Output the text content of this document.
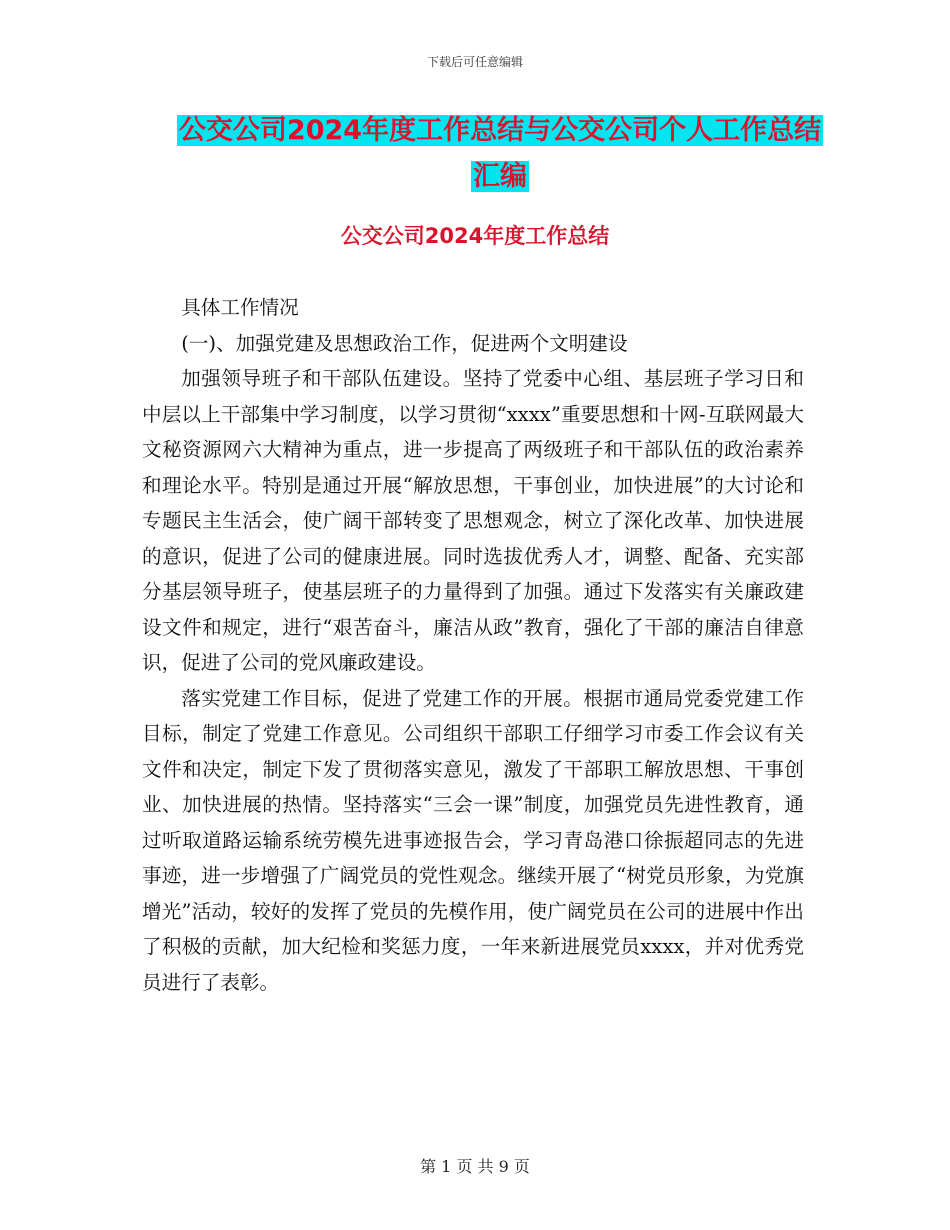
下载后可任意编辑
公交公司2024年度工作总结与公交公司个人工作总结
汇编
公交公司2024年度工作总结

具体工作情况

(一)、加强党建及思想政治工作，促进两个文明建设

加强领导班子和干部队伍建设。坚持了党委中心组、基层班子学习日和中层以上干部集中学习制度，以学习贯彻“xxxx”重要思想和十网-互联网最大文秘资源网六大精神为重点，进一步提高了两级班子和干部队伍的政治素养和理论水平。特别是通过开展“解放思想，干事创业，加快进展”的大讨论和专题民主生活会，使广阔干部转变了思想观念，树立了深化改革、加快进展的意识，促进了公司的健康进展。同时选拔优秀人才，调整、配备、充实部分基层领导班子，使基层班子的力量得到了加强。通过下发落实有关廉政建设文件和规定，进行“艰苦奋斗，廉洁从政”教育，强化了干部的廉洁自律意识，促进了公司的党风廉政建设。

落实党建工作目标，促进了党建工作的开展。根据市通局党委党建工作目标，制定了党建工作意见。公司组织干部职工仔细学习市委工作会议有关文件和决定，制定下发了贯彻落实意见，激发了干部职工解放思想、干事创业、加快进展的热情。坚持落实“三会一课”制度，加强党员先进性教育，通过听取道路运输系统劳模先进事迹报告会，学习青岛港口徐振超同志的先进事迹，进一步增强了广阔党员的党性观念。继续开展了“树党员形象，为党旗增光”活动，较好的发挥了党员的先模作用，使广阔党员在公司的进展中作出了积极的贡献，加大纪检和奖惩力度，一年来新进展党员xxxx，并对优秀党员进行了表彰。

第 1 页 共 9 页
